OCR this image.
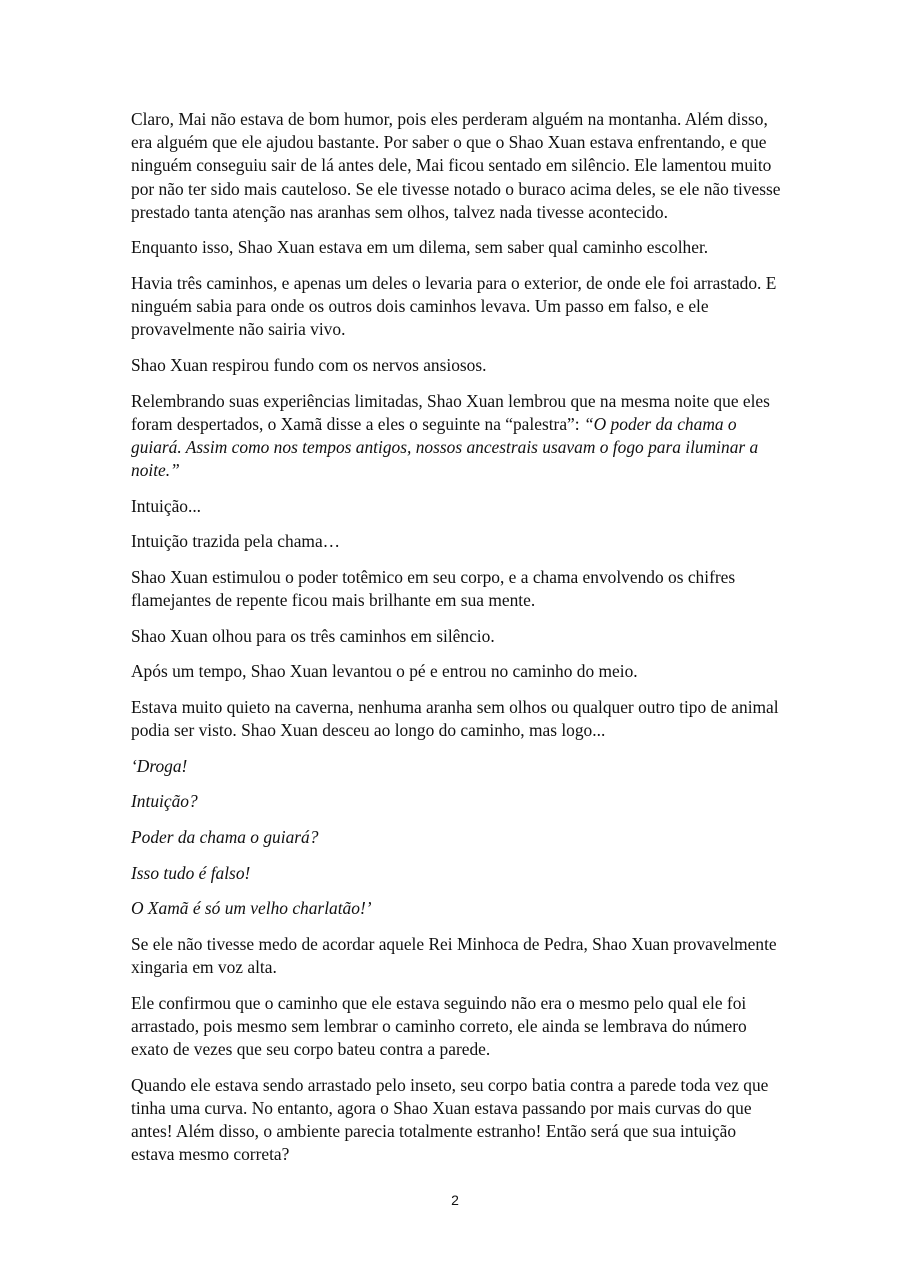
Claro, Mai não estava de bom humor, pois eles perderam alguém na montanha. Além disso, era alguém que ele ajudou bastante. Por saber o que o Shao Xuan estava enfrentando, e que ninguém conseguiu sair de lá antes dele, Mai ficou sentado em silêncio. Ele lamentou muito por não ter sido mais cauteloso. Se ele tivesse notado o buraco acima deles, se ele não tivesse prestado tanta atenção nas aranhas sem olhos, talvez nada tivesse acontecido.

Enquanto isso, Shao Xuan estava em um dilema, sem saber qual caminho escolher.

Havia três caminhos, e apenas um deles o levaria para o exterior, de onde ele foi arrastado. E ninguém sabia para onde os outros dois caminhos levava. Um passo em falso, e ele provavelmente não sairia vivo.

Shao Xuan respirou fundo com os nervos ansiosos.

Relembrando suas experiências limitadas, Shao Xuan lembrou que na mesma noite que eles foram despertados, o Xamã disse a eles o seguinte na “palestra”: “O poder da chama o guiará. Assim como nos tempos antigos, nossos ancestrais usavam o fogo para iluminar a noite.”

Intuição...

Intuição trazida pela chama…

Shao Xuan estimulou o poder totêmico em seu corpo, e a chama envolvendo os chifres flamejantes de repente ficou mais brilhante em sua mente.

Shao Xuan olhou para os três caminhos em silêncio.

Após um tempo, Shao Xuan levantou o pé e entrou no caminho do meio.

Estava muito quieto na caverna, nenhuma aranha sem olhos ou qualquer outro tipo de animal podia ser visto. Shao Xuan desceu ao longo do caminho, mas logo...

‘Droga!

Intuição?

Poder da chama o guiará?

Isso tudo é falso!

O Xamã é só um velho charlatão!’

Se ele não tivesse medo de acordar aquele Rei Minhoca de Pedra, Shao Xuan provavelmente xingaria em voz alta.

Ele confirmou que o caminho que ele estava seguindo não era o mesmo pelo qual ele foi arrastado, pois mesmo sem lembrar o caminho correto, ele ainda se lembrava do número exato de vezes que seu corpo bateu contra a parede.

Quando ele estava sendo arrastado pelo inseto, seu corpo batia contra a parede toda vez que tinha uma curva. No entanto, agora o Shao Xuan estava passando por mais curvas do que antes! Além disso, o ambiente parecia totalmente estranho! Então será que sua intuição estava mesmo correta?

2
